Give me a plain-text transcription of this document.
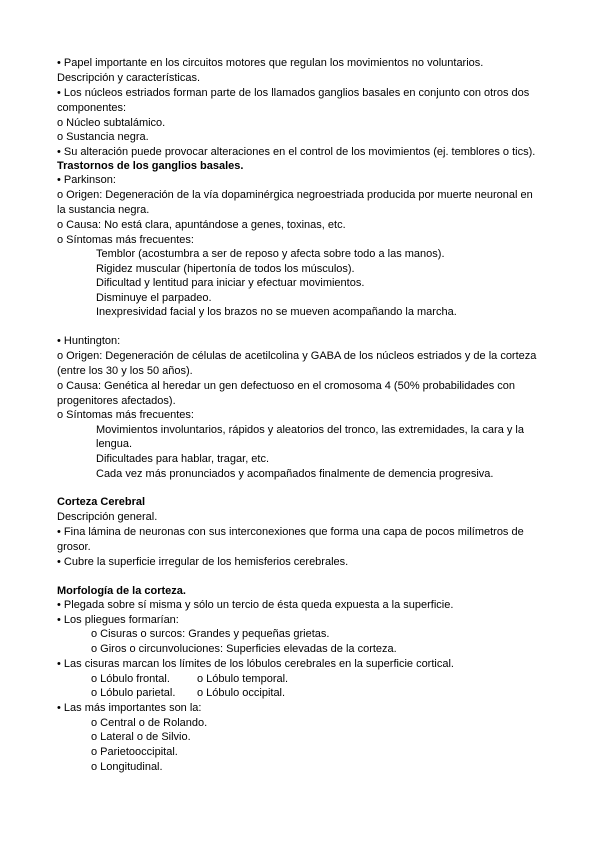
• Papel importante en los circuitos motores que regulan los movimientos no voluntarios.

Descripción y características.

• Los núcleos estriados forman parte de los llamados ganglios basales en conjunto con otros dos

componentes:

o Núcleo subtalámico.

o Sustancia negra.

• Su alteración puede provocar alteraciones en el control de los movimientos (ej. temblores o tics).

Trastornos de los ganglios basales.

• Parkinson:

o Origen: Degeneración de la vía dopaminérgica negroestriada producida por muerte neuronal en

la sustancia negra.

o Causa: No está clara, apuntándose a genes, toxinas, etc.

o Síntomas más frecuentes:

Temblor (acostumbra a ser de reposo y afecta sobre todo a las manos).

Rigidez muscular (hipertonía de todos los músculos).

Dificultad y lentitud para iniciar y efectuar movimientos.

Disminuye el parpadeo.

Inexpresividad facial y los brazos no se mueven acompañando la marcha.

• Huntington:

o Origen: Degeneración de células de acetilcolina y GABA de los núcleos estriados y de la corteza

(entre los 30 y los 50 años).

o Causa: Genética al heredar un gen defectuoso en el cromosoma 4 (50% probabilidades con

progenitores afectados).

o Síntomas más frecuentes:

Movimientos involuntarios, rápidos y aleatorios del tronco, las extremidades, la cara y la

lengua.

Dificultades para hablar, tragar, etc.

Cada vez más pronunciados y acompañados finalmente de demencia progresiva.

Corteza Cerebral

Descripción general.

• Fina lámina de neuronas con sus interconexiones que forma una capa de pocos milímetros de

grosor.

• Cubre la superficie irregular de los hemisferios cerebrales.

Morfología de la corteza.

• Plegada sobre sí misma y sólo un tercio de ésta queda expuesta a la superficie.

• Los pliegues formarían:

o Cisuras o surcos: Grandes y pequeñas grietas.

o Giros o circunvoluciones: Superficies elevadas de la corteza.

• Las cisuras marcan los límites de los lóbulos cerebrales en la superficie cortical.

o Lóbulo frontal. o Lóbulo temporal.

o Lóbulo parietal. o Lóbulo occipital.

• Las más importantes son la:

o Central o de Rolando.

o Lateral o de Silvio.

o Parietooccipital.

o Longitudinal.
